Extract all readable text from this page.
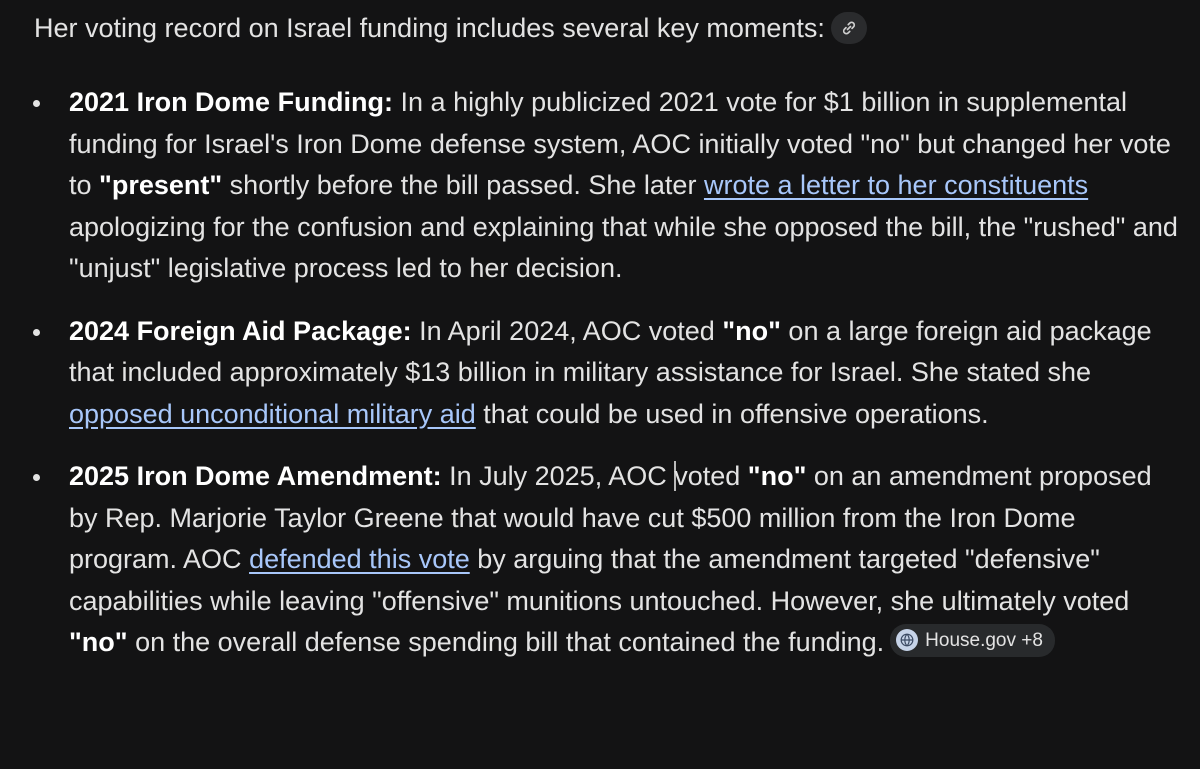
Her voting record on Israel funding includes several key moments:

2021 Iron Dome Funding: In a highly publicized 2021 vote for $1 billion in supplemental funding for Israel's Iron Dome defense system, AOC initially voted "no" but changed her vote to "present" shortly before the bill passed. She later wrote a letter to her constituents apologizing for the confusion and explaining that while she opposed the bill, the "rushed" and "unjust" legislative process led to her decision.
2024 Foreign Aid Package: In April 2024, AOC voted "no" on a large foreign aid package that included approximately $13 billion in military assistance for Israel. She stated she opposed unconditional military aid that could be used in offensive operations.
2025 Iron Dome Amendment: In July 2025, AOC voted "no" on an amendment proposed by Rep. Marjorie Taylor Greene that would have cut $500 million from the Iron Dome program. AOC defended this vote by arguing that the amendment targeted "defensive" capabilities while leaving "offensive" munitions untouched. However, she ultimately voted "no" on the overall defense spending bill that contained the funding. House.gov +8
